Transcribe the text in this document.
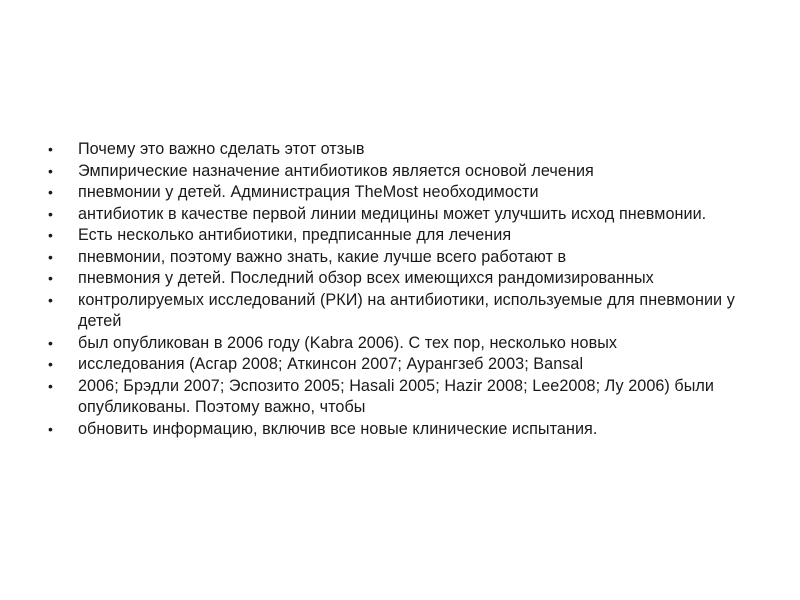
• Почему это важно сделать этот отзыв
• Эмпирические назначение антибиотиков является основой лечения
• пневмонии у детей. Администрация TheMost необходимости
• антибиотик в качестве первой линии медицины может улучшить исход пневмонии.
• Есть несколько антибиотики, предписанные для лечения
• пневмонии, поэтому важно знать, какие лучше всего работают в
• пневмония у детей. Последний обзор всех имеющихся рандомизированных
• контролируемых исследований (РКИ) на антибиотики, используемые для пневмонии у детей
• был опубликован в 2006 году (Kabra 2006). С тех пор, несколько новых
• исследования (Асгар 2008; Аткинсон 2007; Аурангзеб 2003; Bansal
• 2006; Брэдли 2007; Эспозито 2005; Hasali 2005; Hazir 2008; Lee2008; Лу 2006) были опубликованы. Поэтому важно, чтобы
• обновить информацию, включив все новые клинические испытания.
